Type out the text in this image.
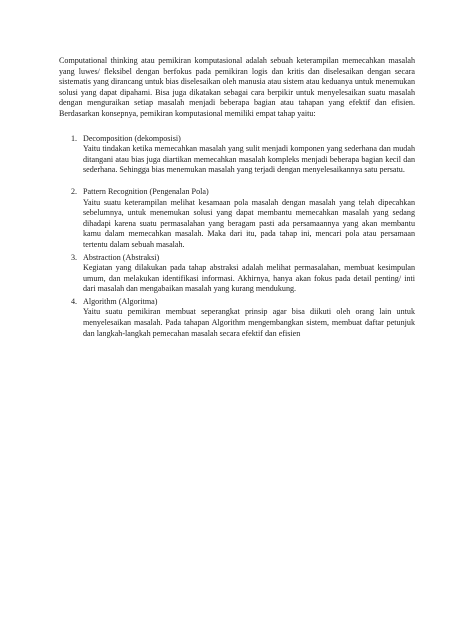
Computational thinking atau pemikiran komputasional adalah sebuah keterampilan memecahkan masalah yang luwes/ fleksibel dengan berfokus pada pemikiran logis dan kritis dan diselesaikan dengan secara sistematis yang dirancang untuk bias diselesaikan oleh manusia atau sistem atau keduanya untuk menemukan solusi yang dapat dipahami. Bisa juga dikatakan sebagai cara berpikir untuk menyelesaikan suatu masalah dengan menguraikan setiap masalah menjadi beberapa bagian atau tahapan yang efektif dan efisien. Berdasarkan konsepnya, pemikiran komputasional memiliki empat tahap yaitu:

1. Decomposition (dekomposisi)

Yaitu tindakan ketika memecahkan masalah yang sulit menjadi komponen yang sederhana dan mudah ditangani atau bias juga diartikan memecahkan masalah kompleks menjadi beberapa bagian kecil dan sederhana. Sehingga bias menemukan masalah yang terjadi dengan menyelesaikannya satu persatu.

2. Pattern Recognition (Pengenalan Pola)

Yaitu suatu keterampilan melihat kesamaan pola masalah dengan masalah yang telah dipecahkan sebelumnya, untuk menemukan solusi yang dapat membantu memecahkan masalah yang sedang dihadapi karena suatu permasalahan yang beragam pasti ada persamaannya yang akan membantu kamu dalam memecahkan masalah. Maka dari itu, pada tahap ini, mencari pola atau persamaan tertentu dalam sebuah masalah.

3. Abstraction (Abstraksi)

Kegiatan yang dilakukan pada tahap abstraksi adalah melihat permasalahan, membuat kesimpulan umum, dan melakukan identifikasi informasi. Akhirnya, hanya akan fokus pada detail penting/ inti dari masalah dan mengabaikan masalah yang kurang mendukung.

4. Algorithm (Algoritma)

Yaitu suatu pemikiran membuat seperangkat prinsip agar bisa diikuti oleh orang lain untuk menyelesaikan masalah. Pada tahapan Algorithm mengembangkan sistem, membuat daftar petunjuk dan langkah-langkah pemecahan masalah secara efektif dan efisien
